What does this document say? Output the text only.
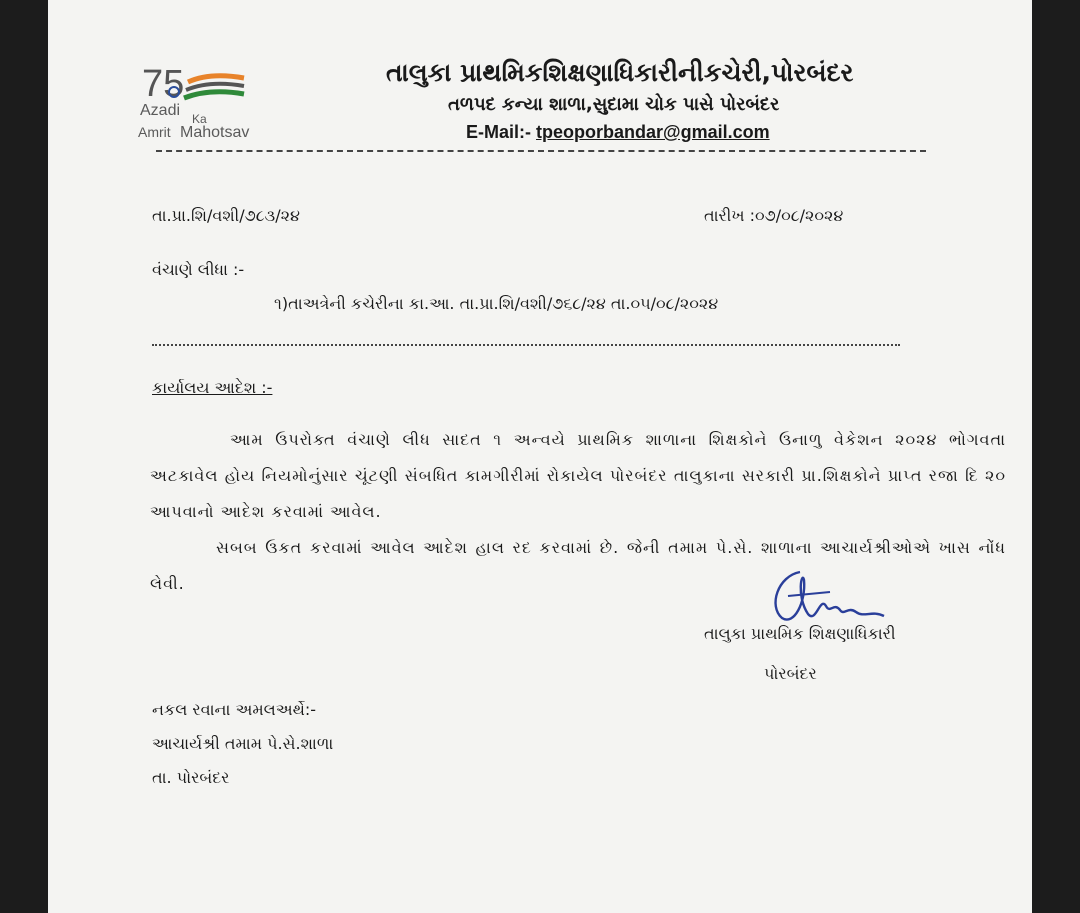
75
Azadi Ka
Amrit Mahotsav
તાલુકા પ્રાથમિકશિક્ષણાધિકારીનીકચેરી,પોરબંદર
તળપદ કન્યા શાળા,સુદામા ચોક પાસે પોરબંદર
E-Mail:- tpeoporbandar@gmail.com
તા.પ્રા.શિ/વશી/૭૮૩/૨૪	તારીખ :૦૭/૦૮/૨૦૨૪
વંચાણે લીધા :-
૧)તાઅત્રેની કચેરીના કા.આ. તા.પ્રા.શિ/વશી/૭૬૮/૨૪ તા.૦૫/૦૮/૨૦૨૪
કાર્યાલય આદેશ :-
આમ ઉપરોક્ત વંચાણે લીધ સાદત ૧ અન્વયે પ્રાથમિક શાળાના શિક્ષકોને ઉનાળુ વેકેશન ૨૦૨૪ ભોગવતા અટકાવેલ હોય નિયમોનુંસાર ચૂંટણી સંબધિત કામગીરીમાં રોકાયેલ પોરબંદર તાલુકાના સરકારી પ્રા.શિક્ષકોને પ્રાપ્ત રજા દિ ૨૦ આપવાનો આદેશ કરવામાં આવેલ.
સબબ ઉકત કરવામાં આવેલ આદેશ હાલ રદ કરવામાં છે. જેની તમામ પે.સે. શાળાના આચાર્યશ્રીઓએ ખાસ નોંધ લેવી.
તાલુકા પ્રાથમિક શિક્ષણાધિકારી
પોરબંદર
નકલ રવાના અમલઅર્થે:-
આચાર્યશ્રી તમામ પે.સે.શાળા
તા. પોરબંદર
